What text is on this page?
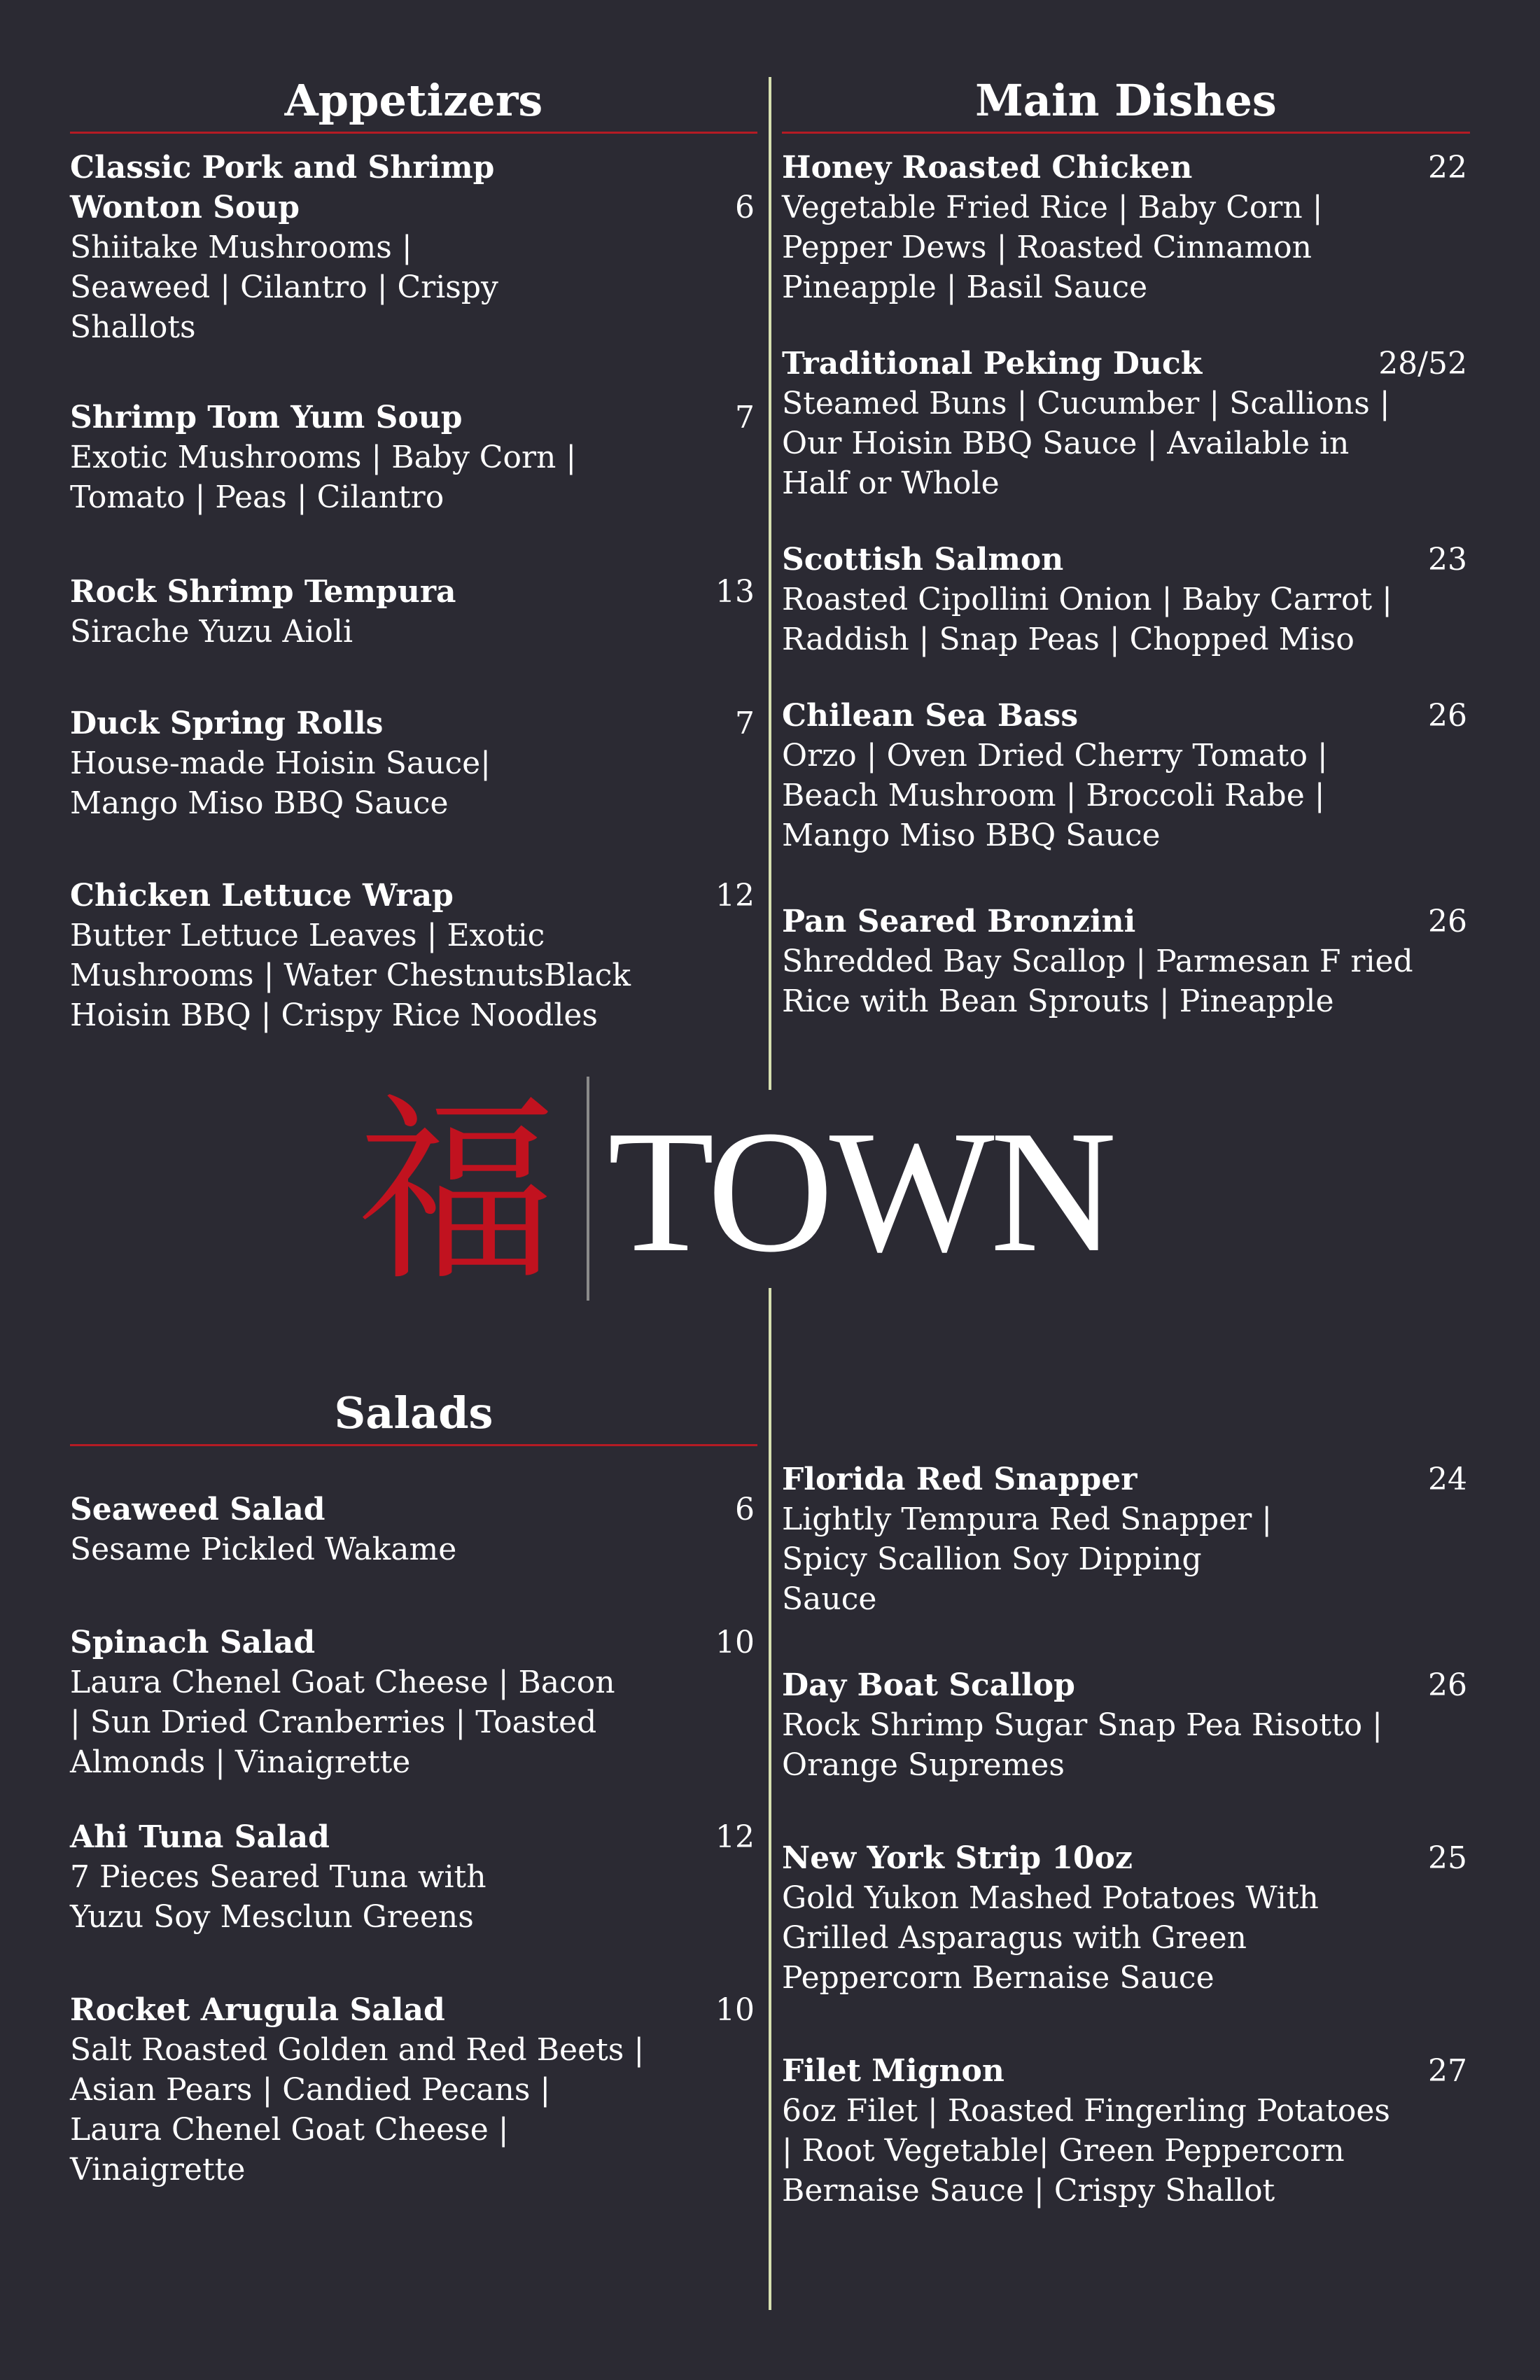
Appetizers
Classic Pork and Shrimp Wonton Soup	6
Shiitake Mushrooms | Seaweed | Cilantro | Crispy Shallots
Shrimp Tom Yum Soup	7
Exotic Mushrooms | Baby Corn | Tomato | Peas | Cilantro
Rock Shrimp Tempura	13
Sirache Yuzu Aioli
Duck Spring Rolls	7
House-made Hoisin Sauce| Mango Miso BBQ Sauce
Chicken Lettuce Wrap	12
Butter Lettuce Leaves | Exotic Mushrooms | Water ChestnutsBlack Hoisin BBQ | Crispy Rice Noodles
Main Dishes
Honey Roasted Chicken	22
Vegetable Fried Rice | Baby Corn | Pepper Dews | Roasted Cinnamon Pineapple | Basil Sauce
Traditional Peking Duck	28/52
Steamed Buns | Cucumber | Scallions | Our Hoisin BBQ Sauce | Available in Half or Whole
Scottish Salmon	23
Roasted Cipollini Onion | Baby Carrot | Raddish | Snap Peas | Chopped Miso
Chilean Sea Bass	26
Orzo | Oven Dried Cherry Tomato | Beach Mushroom | Broccoli Rabe | Mango Miso BBQ Sauce
Pan Seared Bronzini	26
Shredded Bay Scallop | Parmesan F ried Rice with Bean Sprouts | Pineapple
福 TOWN
Salads
Seaweed Salad	6
Sesame Pickled Wakame
Spinach Salad	10
Laura Chenel Goat Cheese | Bacon | Sun Dried Cranberries | Toasted Almonds | Vinaigrette
Ahi Tuna Salad	12
7 Pieces Seared Tuna with Yuzu Soy Mesclun Greens
Rocket Arugula Salad	10
Salt Roasted Golden and Red Beets | Asian Pears | Candied Pecans | Laura Chenel Goat Cheese | Vinaigrette
Florida Red Snapper	24
Lightly Tempura Red Snapper | Spicy Scallion Soy Dipping Sauce
Day Boat Scallop	26
Rock Shrimp Sugar Snap Pea Risotto | Orange Supremes
New York Strip 10oz	25
Gold Yukon Mashed Potatoes With Grilled Asparagus with Green Peppercorn Bernaise Sauce
Filet Mignon	27
6oz Filet | Roasted Fingerling Potatoes | Root Vegetable| Green Peppercorn Bernaise Sauce | Crispy Shallot
